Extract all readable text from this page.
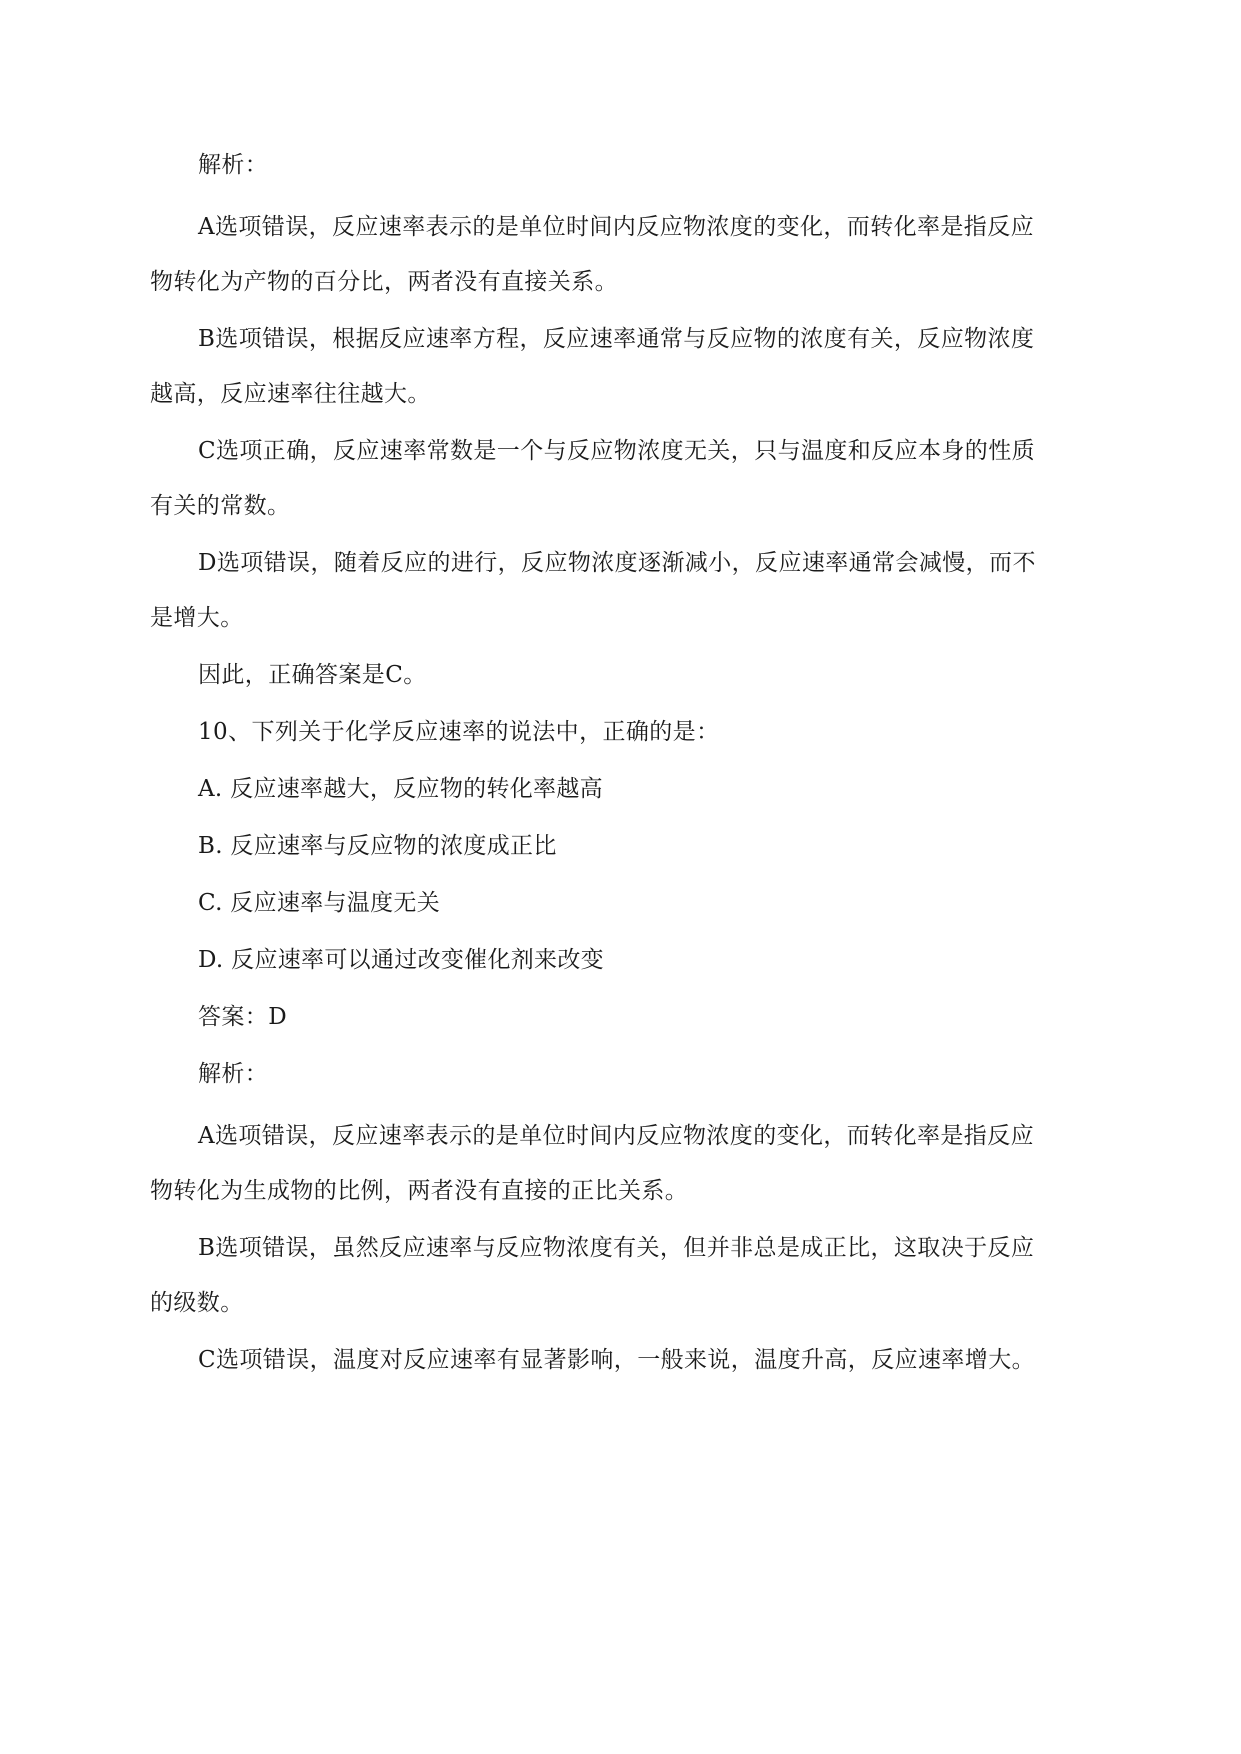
解析：
A选项错误，反应速率表示的是单位时间内反应物浓度的变化，而转化率是指反应
物转化为产物的百分比，两者没有直接关系。
B选项错误，根据反应速率方程，反应速率通常与反应物的浓度有关，反应物浓度
越高，反应速率往往越大。
C选项正确，反应速率常数是一个与反应物浓度无关，只与温度和反应本身的性质
有关的常数。
D选项错误，随着反应的进行，反应物浓度逐渐减小，反应速率通常会减慢，而不
是增大。
因此，正确答案是C。
10、下列关于化学反应速率的说法中，正确的是：
A. 反应速率越大，反应物的转化率越高
B. 反应速率与反应物的浓度成正比
C. 反应速率与温度无关
D. 反应速率可以通过改变催化剂来改变
答案：D
解析：
A选项错误，反应速率表示的是单位时间内反应物浓度的变化，而转化率是指反应
物转化为生成物的比例，两者没有直接的正比关系。
B选项错误，虽然反应速率与反应物浓度有关，但并非总是成正比，这取决于反应
的级数。
C选项错误，温度对反应速率有显著影响，一般来说，温度升高，反应速率增大。
